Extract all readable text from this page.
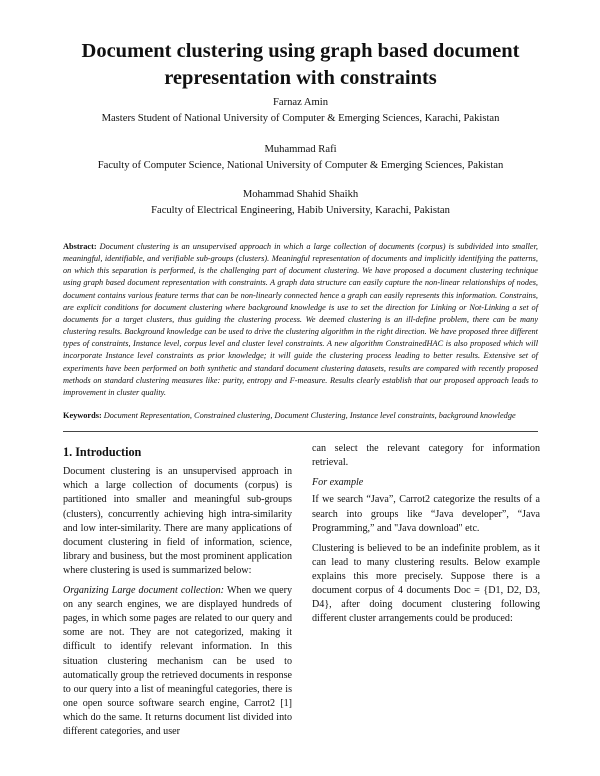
Document clustering using graph based document representation with constraints
Farnaz Amin
Masters Student of National University of Computer & Emerging Sciences, Karachi, Pakistan
Muhammad Rafi
Faculty of Computer Science, National University of Computer & Emerging Sciences, Pakistan
Mohammad Shahid Shaikh
Faculty of Electrical Engineering, Habib University, Karachi, Pakistan
Abstract: Document clustering is an unsupervised approach in which a large collection of documents (corpus) is subdivided into smaller, meaningful, identifiable, and verifiable sub-groups (clusters). Meaningful representation of documents and implicitly identifying the patterns, on which this separation is performed, is the challenging part of document clustering. We have proposed a document clustering technique using graph based document representation with constraints. A graph data structure can easily capture the non-linear relationships of nodes, document contains various feature terms that can be non-linearly connected hence a graph can easily represents this information. Constrains, are explicit conditions for document clustering where background knowledge is use to set the direction for Linking or Not-Linking a set of documents for a target clusters, thus guiding the clustering process. We deemed clustering is an ill-define problem, there can be many clustering results. Background knowledge can be used to drive the clustering algorithm in the right direction. We have proposed three different types of constraints, Instance level, corpus level and cluster level constraints. A new algorithm ConstrainedHAC is also proposed which will incorporate Instance level constraints as prior knowledge; it will guide the clustering process leading to better results. Extensive set of experiments have been performed on both synthetic and standard document clustering datasets, results are compared with recently proposed methods on standard clustering measures like: purity, entropy and F-measure. Results clearly establish that our proposed approach leads to improvement in cluster quality.
Keywords: Document Representation, Constrained clustering, Document Clustering, Instance level constraints, background knowledge
1. Introduction

Document clustering is an unsupervised approach in which a large collection of documents (corpus) is partitioned into smaller and meaningful sub-groups (clusters), concurrently achieving high intra-similarity and low inter-similarity. There are many applications of document clustering in field of information, science, library and business, but the most prominent application where clustering is used is summarized below:

Organizing Large document collection: When we query on any search engines, we are displayed hundreds of pages, in which some pages are related to our query and some are not. They are not categorized, making it difficult to identify relevant information. In this situation clustering mechanism can be used to automatically group the retrieved documents in response to our query into a list of meaningful categories, there is one open source software search engine, Carrot2 [1] which do the same. It returns document list divided into different categories, and user

can select the relevant category for information retrieval.

For example

If we search “Java”, Carrot2 categorize the results of a search into groups like “Java developer”, “Java Programming,” and "Java download" etc.

Clustering is believed to be an indefinite problem, as it can lead to many clustering results. Below example explains this more precisely. Suppose there is a document corpus of 4 documents Doc = {D1, D2, D3, D4}, after doing document clustering following different cluster arrangements could be produced:
